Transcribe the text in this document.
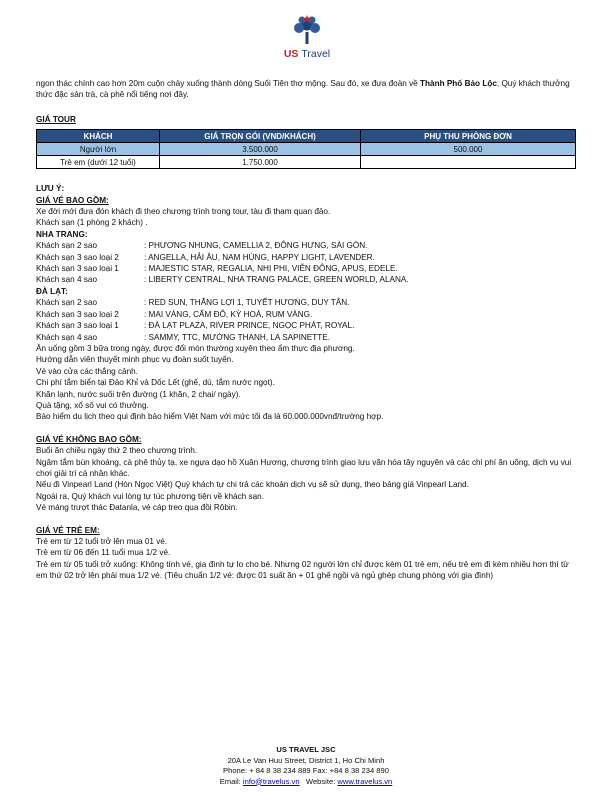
US Travel

ngon thác chính cao hơn 20m cuộn chảy xuống thành dòng Suối Tiên thơ mộng. Sau đó, xe đưa đoàn về Thành Phố Bảo Lộc, Quý khách thưởng thức đặc sản trà, cà phê nổi tiếng nơi đây.

GIÁ TOUR
KHÁCH	GIÁ TRỌN GÓI (VND/KHÁCH)	PHỤ THU PHÒNG ĐƠN
Người lớn	3.500.000	500.000
Trẻ em (dưới 12 tuổi)	1.750.000	
LƯU Ý:
GIÁ VÉ BAO GỒM:

Xe đời mới đưa đón khách đi theo chương trình trong tour, tàu đi tham quan đảo.

Khách sạn (1 phòng 2 khách) .

NHA TRANG:
Khách sạn 2 sao	: PHƯƠNG NHUNG, CAMELLIA 2, ĐÔNG HƯNG, SÀI GÒN.
Khách sạn 3 sao loại 2	: ANGELLA, HẢI ÂU, NAM HÙNG, HAPPY LIGHT, LAVENDER.
Khách sạn 3 sao loại 1	: MAJESTIC STAR, REGALIA, NHỊ PHI, VIỄN ĐÔNG, APUS, EDELE.
Khách sạn 4 sao	: LIBERTY CENTRAL, NHA TRANG PALACE, GREEN WORLD, ALANA.
ĐÀ LẠT:
Khách sạn 2 sao	: RED SUN, THẮNG LỢI 1, TUYẾT HƯƠNG, DUY TÂN.
Khách sạn 3 sao loại 2	: MAI VÀNG, CẨM ĐÔ, KỲ HOÀ, RUM VÀNG.
Khách sạn 3 sao loại 1	: ĐÀ LẠT PLAZA, RIVER PRINCE, NGỌC PHÁT, ROYAL.
Khách sạn 4 sao	: SAMMY, TTC, MƯỜNG THANH, LA SAPINETTE.

Ăn uống gồm 3 bữa trong ngày, được đổi món thường xuyên theo ẩm thực địa phương.

Hướng dẫn viên thuyết minh phục vụ đoàn suốt tuyến.

Vé vào cửa các thắng cảnh.

Chi phí tắm biển tại Đảo Khỉ và Dốc Lết (ghế, dù, tắm nước ngọt).

Khăn lạnh, nước suối trên đường (1 khăn, 2 chai/ ngày).

Quà tặng, xổ số vui có thưởng.

Bảo hiểm du lịch theo qui định bảo hiểm Việt Nam với mức tối đa là 60.000.000vnđ/trường hợp.

GIÁ VÉ KHÔNG BAO GỒM:

Buổi ăn chiều ngày thứ 2 theo chương trình.

Ngâm tắm bùn khoáng, cà phê thủy tạ, xe ngựa dạo hồ Xuân Hương, chương trình giao lưu văn hóa tây nguyên và các chi phí ăn uống, dịch vụ vui chơi giải trí cá nhân khác.

Nếu đi Vinpearl Land (Hòn Ngọc Việt) Quý khách tự chi trả các khoản dịch vụ sẽ sử dụng, theo bảng giá Vinpearl Land.

Ngoài ra, Quý khách vui lòng tự túc phương tiện về khách sạn.

Vé máng trượt thác Đatanla, vé cáp treo qua đồi Rôbin.

GIÁ VÉ TRẺ EM:

Trẻ em từ 12 tuổi trở lên mua 01 vé.

Trẻ em từ 06 đến 11 tuổi mua 1/2 vé.

Trẻ em từ 05 tuổi trở xuống: Không tính vé, gia đình tự lo cho bé. Nhưng 02 người lớn chỉ được kèm 01 trẻ em, nếu trẻ em đi kèm nhiều hơn thì từ em thứ 02 trở lên phải mua 1/2 vé. (Tiêu chuẩn 1/2 vé: được 01 suất ăn + 01 ghế ngồi và ngủ ghép chung phòng với gia đình)

US TRAVEL JSC
20A Le Van Huu Street, District 1, Ho Chi Minh
Phone: + 84 8 38 234 889 Fax: +84 8 38 234 890
Email: info@travelus.vn   Website: www.travelus.vn
